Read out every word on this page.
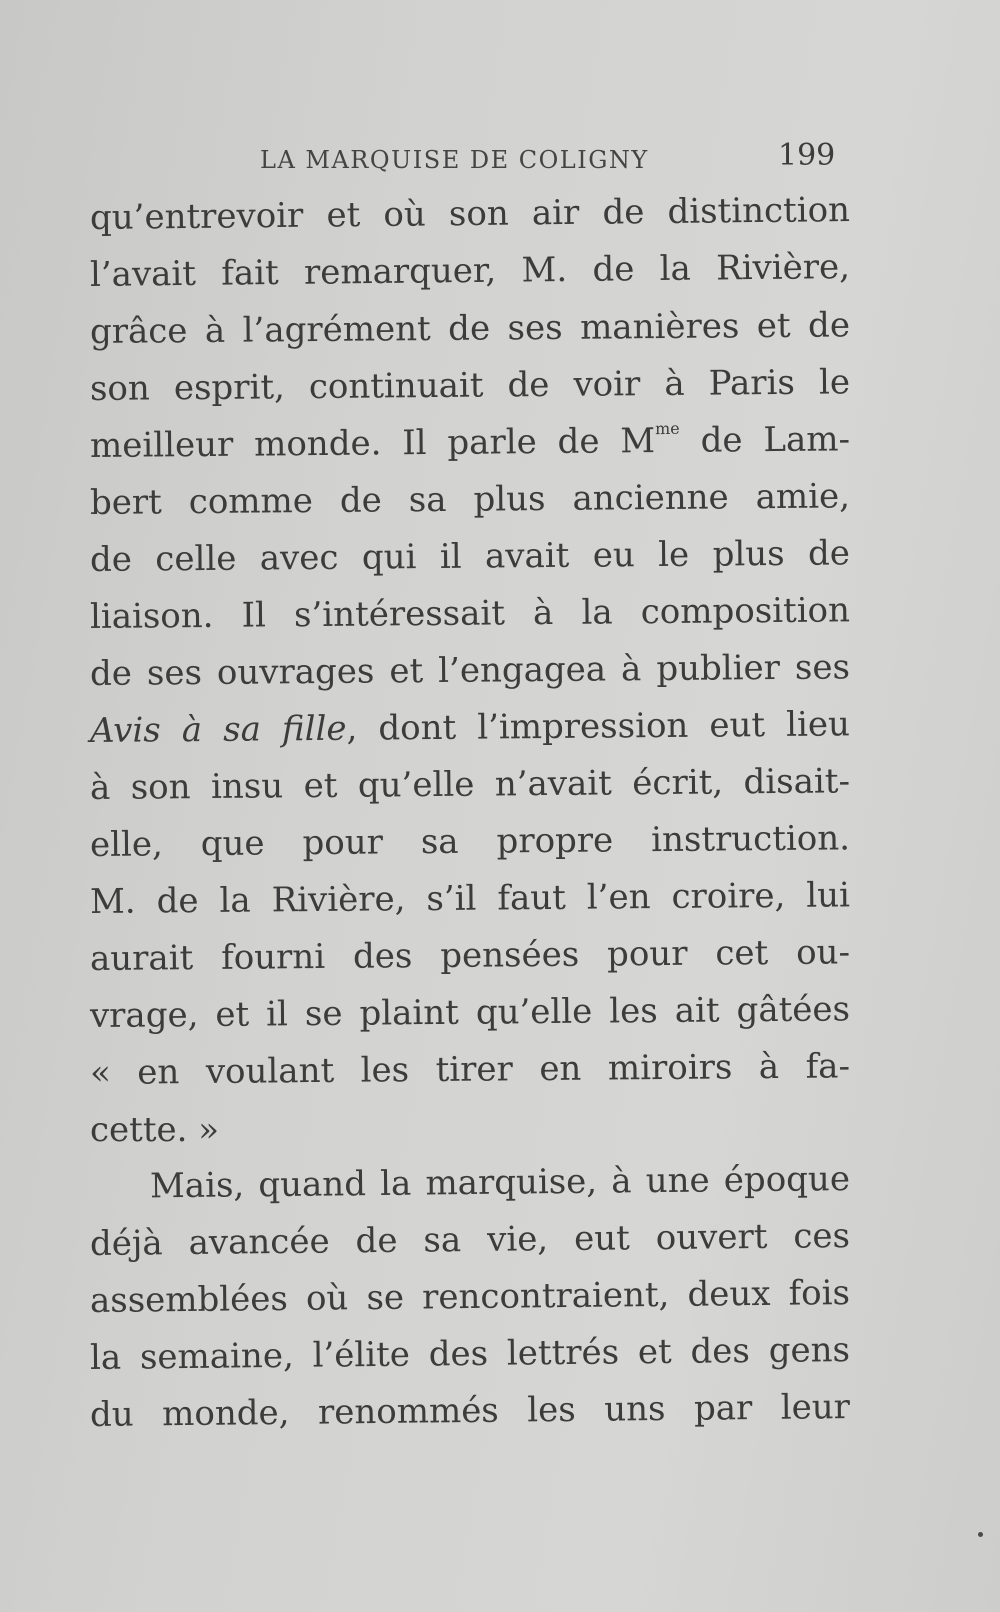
LA MARQUISE DE COLIGNY	199
qu’entrevoir et où son air de distinction
l’avait fait remarquer, M. de la Rivière,
grâce à l’agrément de ses manières et de
son esprit, continuait de voir à Paris le
meilleur monde. Il parle de $M^{me}$ de Lam-
bert comme de sa plus ancienne amie,
de celle avec qui il avait eu le plus de
liaison. Il s’intéressait à la composition
de ses ouvrages et l’engagea à publier ses
Avis à sa fille, dont l’impression eut lieu
à son insu et qu’elle n’avait écrit, disait-
elle, que pour sa propre instruction.
M. de la Rivière, s’il faut l’en croire, lui
aurait fourni des pensées pour cet ou-
vrage, et il se plaint qu’elle les ait gâtées
« en voulant les tirer en miroirs à fa-
cette. »
Mais, quand la marquise, à une époque
déjà avancée de sa vie, eut ouvert ces
assemblées où se rencontraient, deux fois
la semaine, l’élite des lettrés et des gens
du monde, renommés les uns par leur
